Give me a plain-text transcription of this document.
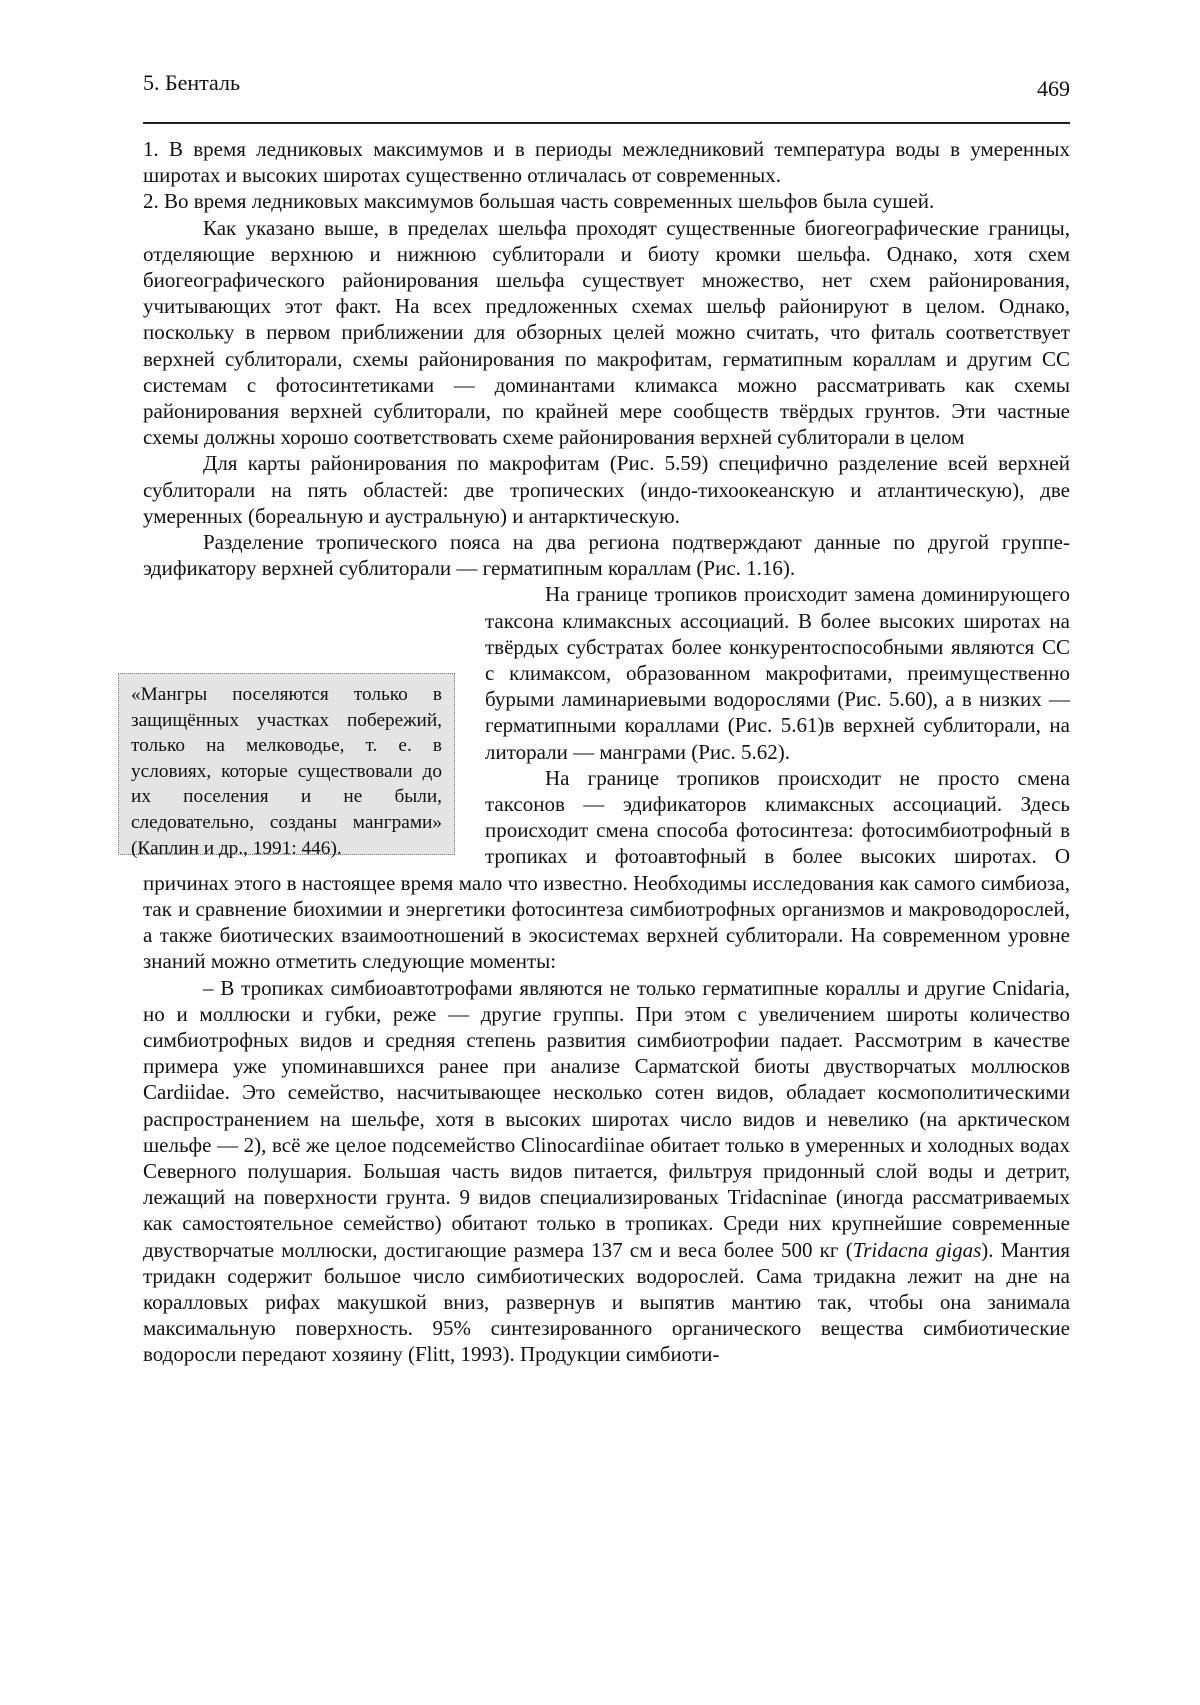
5. Бенталь	469

1. В время ледниковых максимумов и в периоды межледниковий температура воды в умеренных широтах и высоких широтах существенно отличалась от современных.

2. Во время ледниковых максимумов большая часть современных шельфов была сушей.

Как указано выше, в пределах шельфа проходят существенные биогеографические границы, отделяющие верхнюю и нижнюю сублиторали и биоту кромки шельфа. Однако, хотя схем биогеографического районирования шельфа существует множество, нет схем районирования, учитывающих этот факт. На всех предложенных схемах шельф районируют в целом. Однако, поскольку в первом приближении для обзорных целей можно считать, что фиталь соответствует верхней сублиторали, схемы районирования по макрофитам, герматипным кораллам и другим СС системам с фотосинтетиками — доминантами климакса можно рассматривать как схемы районирования верхней сублиторали, по крайней мере сообществ твёрдых грунтов. Эти частные схемы должны хорошо соответствовать схеме районирования верхней сублиторали в целом

Для карты районирования по макрофитам (Рис. 5.59) специфично разделение всей верхней сублиторали на пять областей: две тропических (индо-тихоокеанскую и атлантическую), две умеренных (бореальную и аустральную) и антарктическую.

Разделение тропического пояса на два региона подтверждают данные по другой группе-эдификатору верхней сублиторали — герматипным кораллам (Рис. 1.16).

«Мангры поселяются только в защищённых участках побережий, только на мелководье, т. е. в условиях, которые существовали до их поселения и не были, следовательно, созданы манграми» (Каплин и др., 1991: 446).

На границе тропиков происходит замена доминирующего таксона климаксных ассоциаций. В более высоких широтах на твёрдых субстратах более конкурентоспособными являются СС с климаксом, образованном макрофитами, преимущественно бурыми ламинариевыми водорослями (Рис. 5.60), а в низких — герматипными кораллами (Рис. 5.61)в верхней сублиторали, на литорали — манграми (Рис. 5.62).

На границе тропиков происходит не просто смена таксонов — эдификаторов климаксных ассоциаций. Здесь происходит смена способа фотосинтеза: фотосимбиотрофный в тропиках и фотоавтофный в более высоких широтах. О причинах этого в настоящее время мало что известно. Необходимы исследования как самого симбиоза, так и сравнение биохимии и энергетики фотосинтеза симбиотрофных организмов и макроводорослей, а также биотических взаимоотношений в экосистемах верхней сублиторали. На современном уровне знаний можно отметить следующие моменты:

– В тропиках симбиоавтотрофами являются не только герматипные кораллы и другие Cnidaria, но и моллюски и губки, реже — другие группы. При этом с увеличением широты количество симбиотрофных видов и средняя степень развития симбиотрофии падает. Рассмотрим в качестве примера уже упоминавшихся ранее при анализе Сарматской биоты двустворчатых моллюсков Cardiidae. Это семейство, насчитывающее несколько сотен видов, обладает космополитическими распространением на шельфе, хотя в высоких широтах число видов и невелико (на арктическом шельфе — 2), всё же целое подсемейство Clinocardiinae обитает только в умеренных и холодных водах Северного полушария. Большая часть видов питается, фильтруя придонный слой воды и детрит, лежащий на поверхности грунта. 9 видов специализированых Tridacninae (иногда рассматриваемых как самостоятельное семейство) обитают только в тропиках. Среди них крупнейшие современные двустворчатые моллюски, достигающие размера 137 см и веса более 500 кг (Tridacna gigas). Мантия тридакн содержит большое число симбиотических водорослей. Сама тридакна лежит на дне на коралловых рифах макушкой вниз, развернув и выпятив мантию так, чтобы она занимала максимальную поверхность. 95% синтезированного органического вещества симбиотические водоросли передают хозяину (Flitt, 1993). Продукции симбиоти-
